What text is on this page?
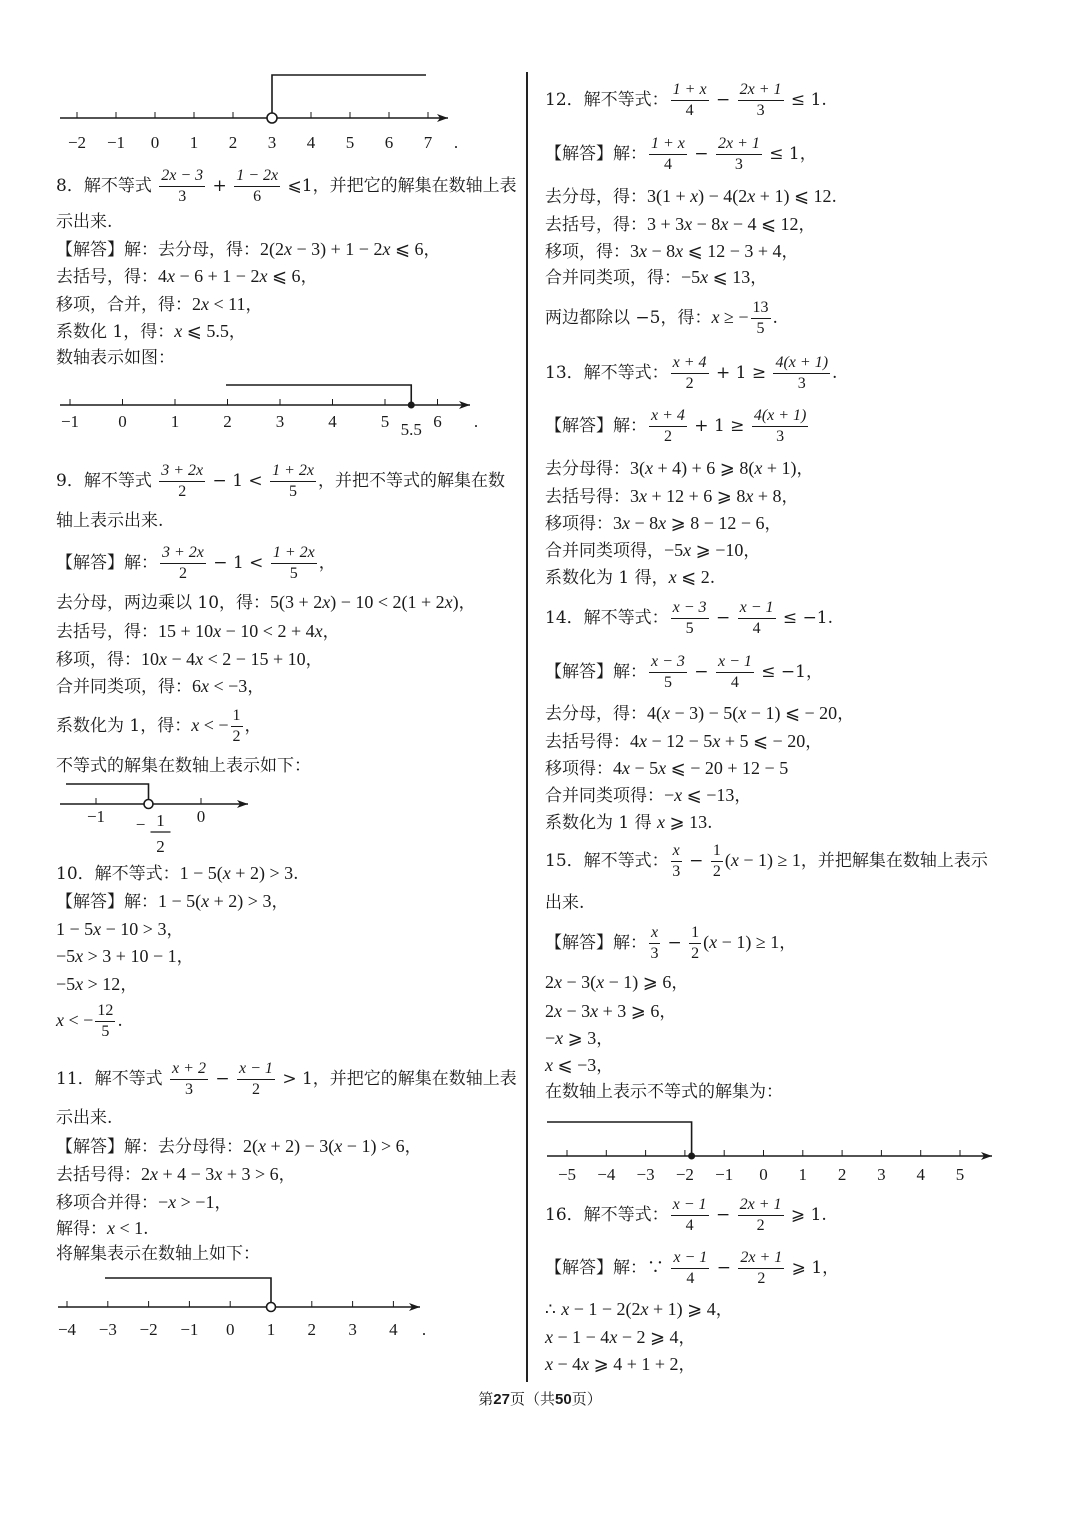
8．解不等式 $\frac{2x - 3}{3} + \frac{1 - 2x}{6}$ ⩽1，并把它的解集在数轴上表
示出来.
【解答】解：去分母，得：2(2x − 3) + 1 − 2x ⩽ 6，
去括号，得：4x − 6 + 1 − 2x ⩽ 6，
移项，合并，得：2x < 11，
系数化 1，得：x ⩽ 5.5，
数轴表示如图：
9．解不等式 $\frac{3 + 2x}{2} - 1 < \frac{1 + 2x}{5}$ ，并把不等式的解集在数
轴上表示出来.
【解答】解： $\frac{3 + 2x}{2} - 1 < \frac{1 + 2x}{5}$ ，
去分母，两边乘以 10，得：5(3 + 2x) − 10 < 2(1 + 2x)，
去括号，得：15 + 10x − 10 < 2 + 4x，
移项，得：10x − 4x < 2 − 15 + 10，
合并同类项，得：6x < −3，
系数化为 1，得：x < − $\frac{1}{2}$ ，
不等式的解集在数轴上表示如下：
10．解不等式：1 − 5(x + 2) > 3.
【解答】解：1 − 5(x + 2) > 3，
1 − 5x − 10 > 3，
−5x > 3 + 10 − 1，
−5x > 12，
x < − $\frac{12}{5}$ .
11．解不等式 $\frac{x + 2}{3} - \frac{x - 1}{2} > 1$，并把它的解集在数轴上表
示出来.
【解答】解：去分母得：2(x + 2) − 3(x − 1) > 6，
去括号得：2x + 4 − 3x + 3 > 6，
移项合并得：−x > −1，
解得：x < 1.
将解集表示在数轴上如下：
12．解不等式： $\frac{1 + x}{4} - \frac{2x + 1}{3} \le 1$.
【解答】解： $\frac{1 + x}{4} - \frac{2x + 1}{3} \le 1$，
去分母，得：3(1 + x) − 4(2x + 1) ⩽ 12.
去括号，得：3 + 3x − 8x − 4 ⩽ 12，
移项，得：3x − 8x ⩽ 12 − 3 + 4，
合并同类项，得：−5x ⩽ 13，
两边都除以 −5，得：x ≥ − $\frac{13}{5}$ .
13．解不等式： $\frac{x + 4}{2} + 1 \ge \frac{4(x + 1)}{3}$ .
【解答】解： $\frac{x + 4}{2} + 1 \ge \frac{4(x + 1)}{3}$
去分母得：3(x + 4) + 6 ⩾ 8(x + 1)，
去括号得：3x + 12 + 6 ⩾ 8x + 8，
移项得：3x − 8x ⩾ 8 − 12 − 6，
合并同类项得，−5x ⩾ −10，
系数化为 1 得，x ⩽ 2.
14．解不等式： $\frac{x - 3}{5} - \frac{x - 1}{4} \le -1$.
【解答】解： $\frac{x - 3}{5} - \frac{x - 1}{4} \le -1$，
去分母，得：4(x − 3) − 5(x − 1) ⩽ − 20，
去括号得：4x − 12 − 5x + 5 ⩽ − 20，
移项得：4x − 5x ⩽ − 20 + 12 − 5
合并同类项得：−x ⩽ −13，
系数化为 1 得 x ⩾ 13.
15．解不等式： $\frac{x}{3} - \frac{1}{2} (x - 1) \ge 1$，并把解集在数轴上表示
出来.
【解答】解： $\frac{x}{3} - \frac{1}{2} (x - 1) \ge 1$，
2x − 3(x − 1) ⩾ 6，
2x − 3x + 3 ⩾ 6，
−x ⩾ 3，
x ⩽ −3，
在数轴上表示不等式的解集为：
16．解不等式： $\frac{x - 1}{4} - \frac{2x + 1}{2}$ ⩾ 1.
【解答】解：∵ $\frac{x - 1}{4} - \frac{2x + 1}{2}$ ⩾ 1，
∴ x − 1 − 2(2x + 1) ⩾ 4，
x − 1 − 4x − 2 ⩾ 4，
x − 4x ⩾ 4 + 1 + 2，
−2 −1 0 1 2 3 4 5 6 7 .
−1 0	1	2	3	4	5	6 .
5.5
−1	0
− 1
2
−4 −3 −2 −1 0 1 2 3 4 .
−5 −4 −3 −2 −1 0 1 2 3 4 5
第27页（共50页）
